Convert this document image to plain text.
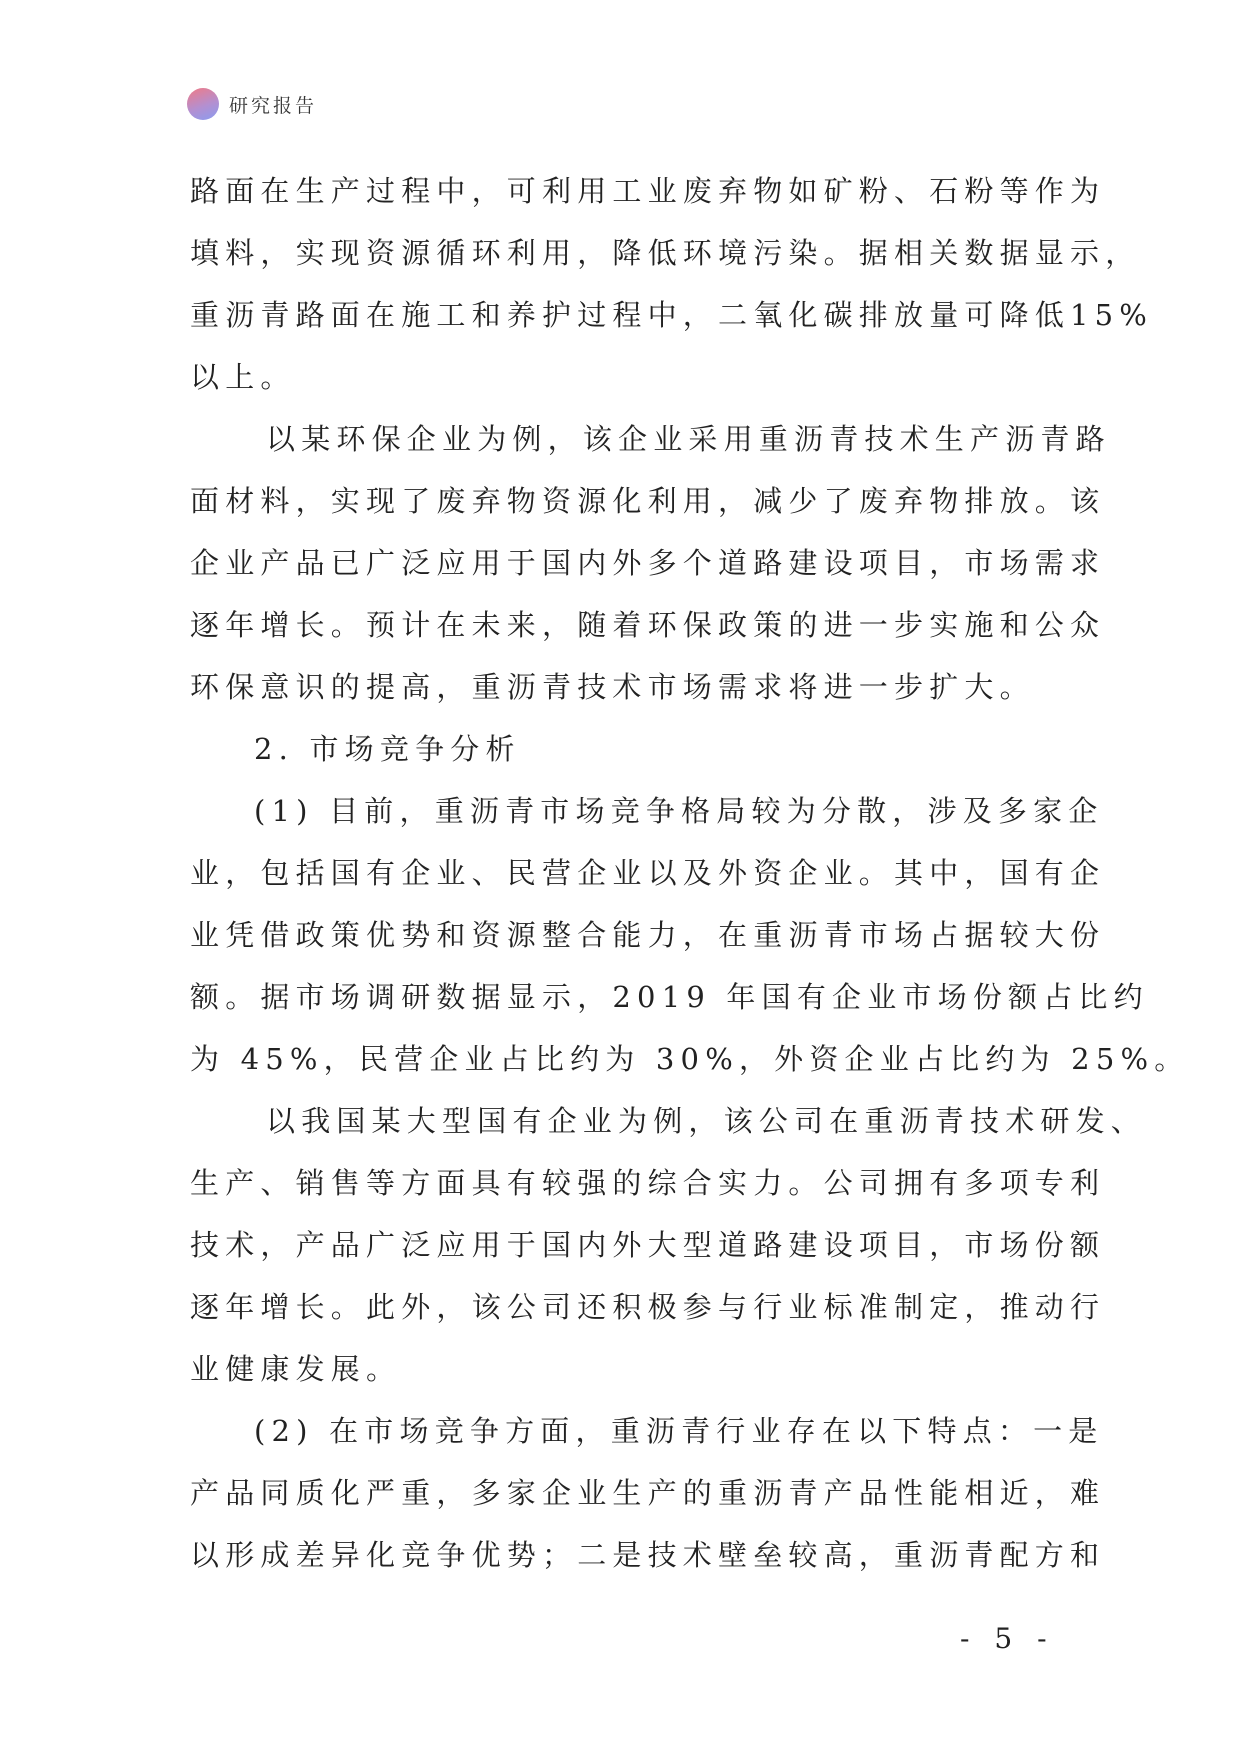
研究报告
路面在生产过程中，可利用工业废弃物如矿粉、石粉等作为
填料，实现资源循环利用，降低环境污染。据相关数据显示，
重沥青路面在施工和养护过程中，二氧化碳排放量可降低15%
以上。
以某环保企业为例，该企业采用重沥青技术生产沥青路
面材料，实现了废弃物资源化利用，减少了废弃物排放。该
企业产品已广泛应用于国内外多个道路建设项目，市场需求
逐年增长。预计在未来，随着环保政策的进一步实施和公众
环保意识的提高，重沥青技术市场需求将进一步扩大。
2. 市场竞争分析
(1) 目前，重沥青市场竞争格局较为分散，涉及多家企
业，包括国有企业、民营企业以及外资企业。其中，国有企
业凭借政策优势和资源整合能力，在重沥青市场占据较大份
额。据市场调研数据显示，2019 年国有企业市场份额占比约
为 45%，民营企业占比约为 30%，外资企业占比约为 25%。
以我国某大型国有企业为例，该公司在重沥青技术研发、
生产、销售等方面具有较强的综合实力。公司拥有多项专利
技术，产品广泛应用于国内外大型道路建设项目，市场份额
逐年增长。此外，该公司还积极参与行业标准制定，推动行
业健康发展。
(2) 在市场竞争方面，重沥青行业存在以下特点：一是
产品同质化严重，多家企业生产的重沥青产品性能相近，难
以形成差异化竞争优势；二是技术壁垒较高，重沥青配方和
- 5 -
